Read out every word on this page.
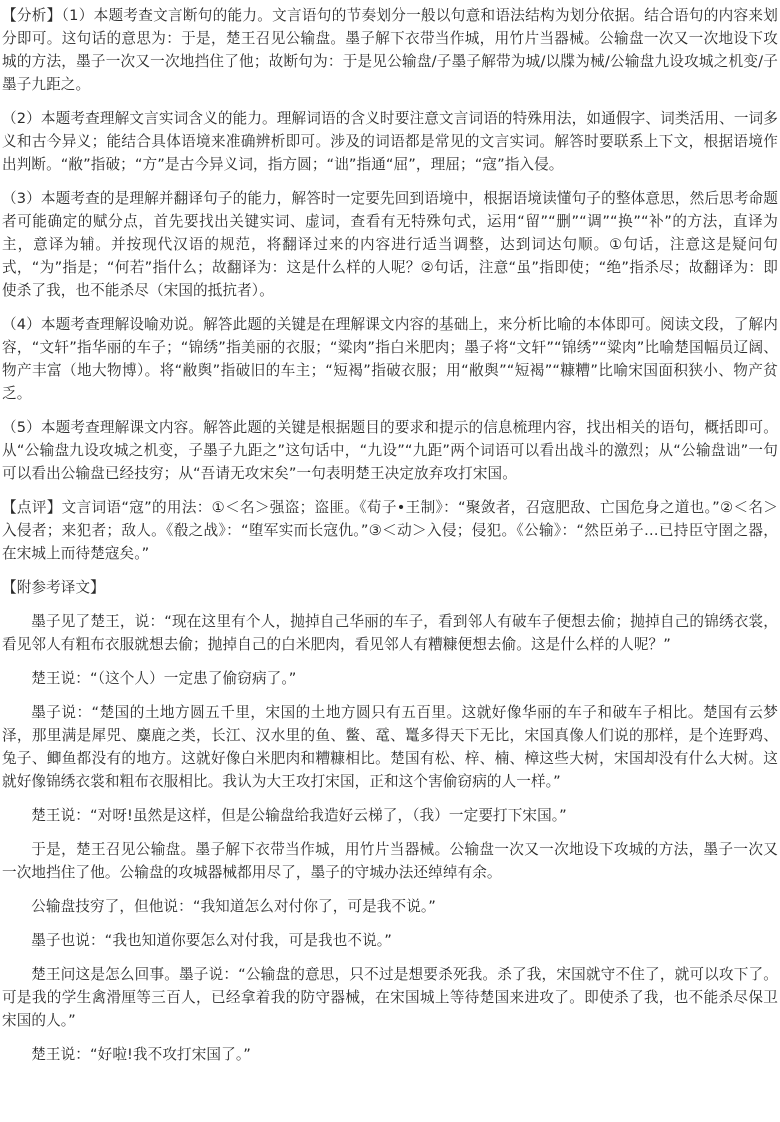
【分析】（1）本题考查文言断句的能力。文言语句的节奏划分一般以句意和语法结构为划分依据。结合语句的内容来划分即可。这句话的意思为：于是，楚王召见公输盘。墨子解下衣带当作城，用竹片当器械。公输盘一次又一次地设下攻城的方法，墨子一次又一次地挡住了他；故断句为：于是见公输盘/子墨子解带为城/以牒为械/公输盘九设攻城之机变/子墨子九距之。

（2）本题考查理解文言实词含义的能力。理解词语的含义时要注意文言词语的特殊用法，如通假字、词类活用、一词多义和古今异义；能结合具体语境来准确辨析即可。涉及的词语都是常见的文言实词。解答时要联系上下文，根据语境作出判断。“敝”指破；“方”是古今异义词，指方圆；“诎”指通“屈”，理屈；“寇”指入侵。

（3）本题考查的是理解并翻译句子的能力，解答时一定要先回到语境中，根据语境读懂句子的整体意思，然后思考命题者可能确定的赋分点，首先要找出关键实词、虚词，查看有无特殊句式，运用“留”“删”“调”“换”“补”的方法，直译为主，意译为辅。并按现代汉语的规范，将翻译过来的内容进行适当调整，达到词达句顺。①句话，注意这是疑问句式，“为”指是；“何若”指什么；故翻译为：这是什么样的人呢？②句话，注意“虽”指即使；“绝”指杀尽；故翻译为：即使杀了我，也不能杀尽（宋国的抵抗者）。

（4）本题考查理解设喻劝说。解答此题的关键是在理解课文内容的基础上，来分析比喻的本体即可。阅读文段，了解内容，“文轩”指华丽的车子；“锦绣”指美丽的衣服；“粱肉”指白米肥肉；墨子将“文轩”“锦绣”“粱肉”比喻楚国幅员辽阔、物产丰富（地大物博）。将“敝舆”指破旧的车主；“短褐”指破衣服；用“敝舆”“短褐”“糠糟”比喻宋国面积狭小、物产贫乏。

（5）本题考查理解课文内容。解答此题的关键是根据题目的要求和提示的信息梳理内容，找出相关的语句，概括即可。从“公输盘九设攻城之机变，子墨子九距之”这句话中，“九设”“九距”两个词语可以看出战斗的激烈；从“公输盘诎”一句可以看出公输盘已经技穷；从“吾请无攻宋矣”一句表明楚王决定放弃攻打宋国。

【点评】文言词语“寇”的用法：①＜名＞强盗；盗匪。《荀子•王制》：“聚敛者，召寇肥敌、亡国危身之道也。”②＜名＞入侵者；来犯者；敌人。《殽之战》：“堕军实而长寇仇。”③＜动＞入侵；侵犯。《公输》：“然臣弟子…已持臣守圉之器，在宋城上而待楚寇矣。”

【附参考译文】

墨子见了楚王，说：“现在这里有个人，抛掉自己华丽的车子，看到邻人有破车子便想去偷；抛掉自己的锦绣衣裳，看见邻人有粗布衣服就想去偷；抛掉自己的白米肥肉，看见邻人有糟糠便想去偷。这是什么样的人呢？”

楚王说：“（这个人）一定患了偷窃病了。”

墨子说：“楚国的土地方圆五千里，宋国的土地方圆只有五百里。这就好像华丽的车子和破车子相比。楚国有云梦泽，那里满是犀兕、麋鹿之类，长江、汉水里的鱼、鳖、鼋、鼍多得天下无比，宋国真像人们说的那样，是个连野鸡、兔子、鲫鱼都没有的地方。这就好像白米肥肉和糟糠相比。楚国有松、梓、楠、樟这些大树，宋国却没有什么大树。这就好像锦绣衣裳和粗布衣服相比。我认为大王攻打宋国，正和这个害偷窃病的人一样。”

楚王说：“对呀!虽然是这样，但是公输盘给我造好云梯了，（我）一定要打下宋国。”

于是，楚王召见公输盘。墨子解下衣带当作城，用竹片当器械。公输盘一次又一次地设下攻城的方法，墨子一次又一次地挡住了他。公输盘的攻城器械都用尽了，墨子的守城办法还绰绰有余。

公输盘技穷了，但他说：“我知道怎么对付你了，可是我不说。”

墨子也说：“我也知道你要怎么对付我，可是我也不说。”

楚王问这是怎么回事。墨子说：“公输盘的意思，只不过是想要杀死我。杀了我，宋国就守不住了，就可以攻下了。可是我的学生禽滑厘等三百人，已经拿着我的防守器械，在宋国城上等待楚国来进攻了。即使杀了我，也不能杀尽保卫宋国的人。”

楚王说：“好啦!我不攻打宋国了。”
